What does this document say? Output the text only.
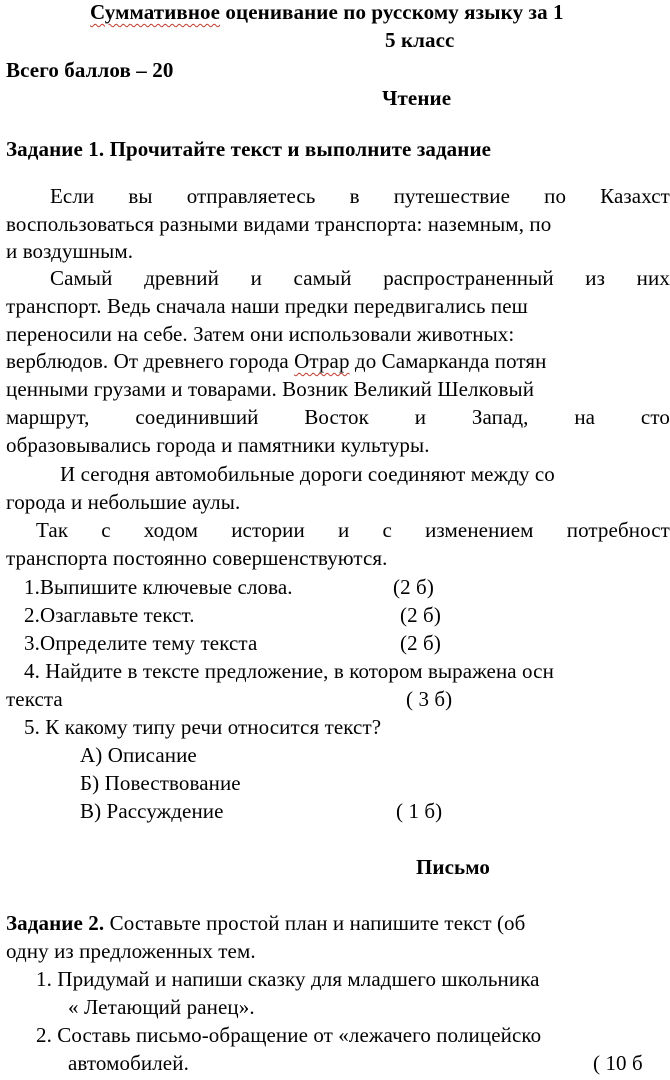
Суммативное оценивание по русскому языку за 1
5 класс
Всего баллов – 20
Чтение
Задание 1. Прочитайте текст и выполните задание
Если вы отправляетесь в путешествие по Казахст
воспользоваться разными видами транспорта: наземным, по
и воздушным.
Самый древний и самый распространенный из них
транспорт. Ведь сначала наши предки передвигались пеш
переносили на себе. Затем они использовали животных:
верблюдов. От древнего города Отрар до Самарканда потян
ценными грузами и товарами. Возник Великий Шелковый
маршрут, соединивший Восток и Запад, на сто
образовывались города и памятники культуры.
И сегодня автомобильные дороги соединяют между со
города и небольшие аулы.
Так с ходом истории и с изменением потребност
транспорта постоянно совершенствуются.
1.Выпишите ключевые слова.	(2 б)
2.Озаглавьте текст.	(2 б)
3.Определите тему текста	(2 б)
4. Найдите в тексте предложение, в котором выражена осн
текста	( 3 б)
5. К какому типу речи относится текст?
А) Описание
Б) Повествование
В) Рассуждение	( 1 б)
Письмо
Задание 2. Составьте простой план и напишите текст (об
одну из предложенных тем.
1. Придумай и напиши сказку для младшего школьника
« Летающий ранец».
2. Составь письмо-обращение от «лежачего полицейско
автомобилей.	( 10 б
